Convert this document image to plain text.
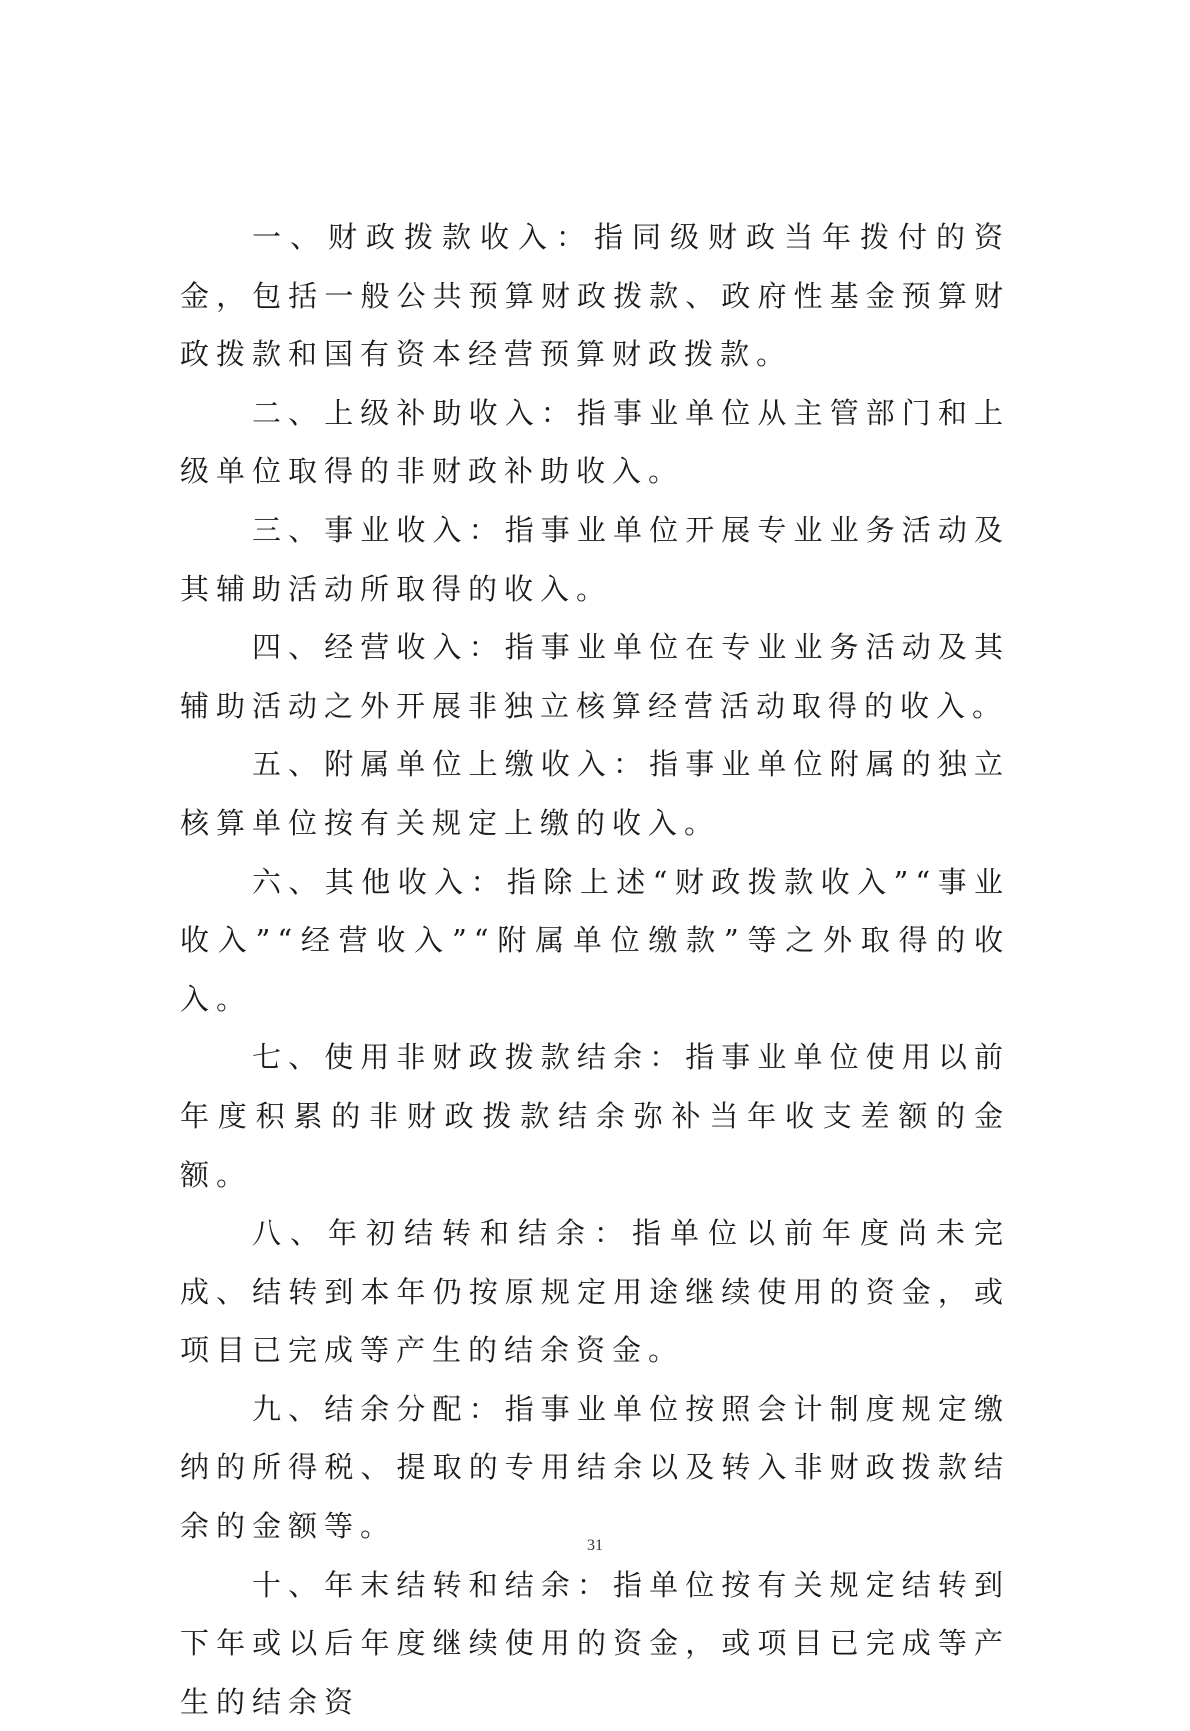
一、财政拨款收入：指同级财政当年拨付的资金，包括一般公共预算财政拨款、政府性基金预算财政拨款和国有资本经营预算财政拨款。

二、上级补助收入：指事业单位从主管部门和上级单位取得的非财政补助收入。

三、事业收入：指事业单位开展专业业务活动及其辅助活动所取得的收入。

四、经营收入：指事业单位在专业业务活动及其辅助活动之外开展非独立核算经营活动取得的收入。

五、附属单位上缴收入：指事业单位附属的独立核算单位按有关规定上缴的收入。

六、其他收入：指除上述“财政拨款收入”“事业收入”“经营收入”“附属单位缴款”等之外取得的收入。

七、使用非财政拨款结余：指事业单位使用以前年度积累的非财政拨款结余弥补当年收支差额的金额。

八、年初结转和结余：指单位以前年度尚未完成、结转到本年仍按原规定用途继续使用的资金，或项目已完成等产生的结余资金。

九、结余分配：指事业单位按照会计制度规定缴纳的所得税、提取的专用结余以及转入非财政拨款结余的金额等。

十、年末结转和结余：指单位按有关规定结转到下年或以后年度继续使用的资金，或项目已完成等产生的结余资

31
